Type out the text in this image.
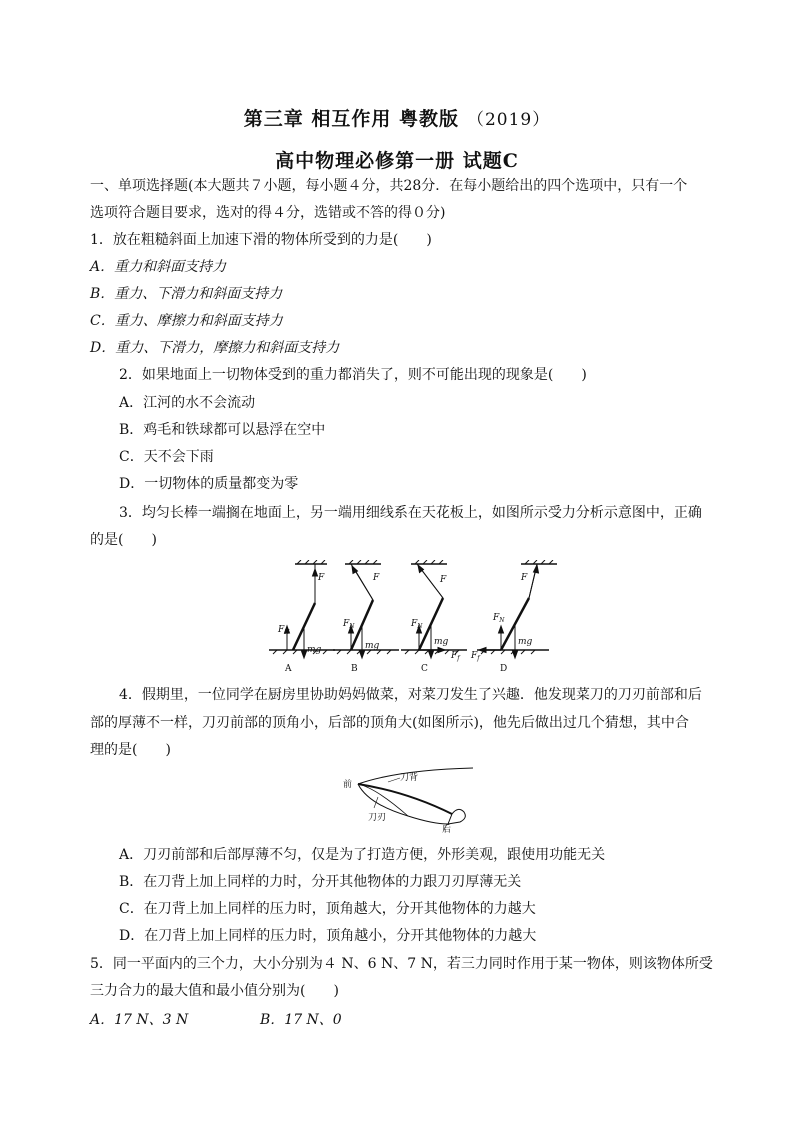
第三章 相互作用 粤教版 （2019）
高中物理必修第一册 试题C
一、单项选择题(本大题共７小题，每小题４分，共28分．在每小题给出的四个选项中，只有一个
选项符合题目要求，选对的得４分，选错或不答的得０分)
1．放在粗糙斜面上加速下滑的物体所受到的力是(　　)
A．重力和斜面支持力
B．重力、下滑力和斜面支持力
C．重力、摩擦力和斜面支持力
D．重力、下滑力，摩擦力和斜面支持力
2．如果地面上一切物体受到的重力都消失了，则不可能出现的现象是(　　)
A．江河的水不会流动
B．鸡毛和铁球都可以悬浮在空中
C．天不会下雨
D．一切物体的质量都变为零
3．均匀长棒一端搁在地面上，另一端用细线系在天花板上，如图所示受力分析示意图中，正确
的是(　　)
F
$F_N$
mg
F
$F_N$
mg
F
$F_N$
mg
$F_f$
F
$F_N$
mg
$F_f$
A	B	C	D
4．假期里，一位同学在厨房里协助妈妈做菜，对菜刀发生了兴趣．他发现菜刀的刀刃前部和后
部的厚薄不一样，刀刃前部的顶角小，后部的顶角大(如图所示)，他先后做出过几个猜想，其中合
理的是(　　)
前
后
刀背
刀刃
A．刀刃前部和后部厚薄不匀，仅是为了打造方便，外形美观，跟使用功能无关
B．在刀背上加上同样的力时，分开其他物体的力跟刀刃厚薄无关
C．在刀背上加上同样的压力时，顶角越大，分开其他物体的力越大
D．在刀背上加上同样的压力时，顶角越小，分开其他物体的力越大
5．同一平面内的三个力，大小分别为４ N、6 N、7 N，若三力同时作用于某一物体，则该物体所受
三力合力的最大值和最小值分别为(　　)
A．17 N、3 N	B．17 N、0
